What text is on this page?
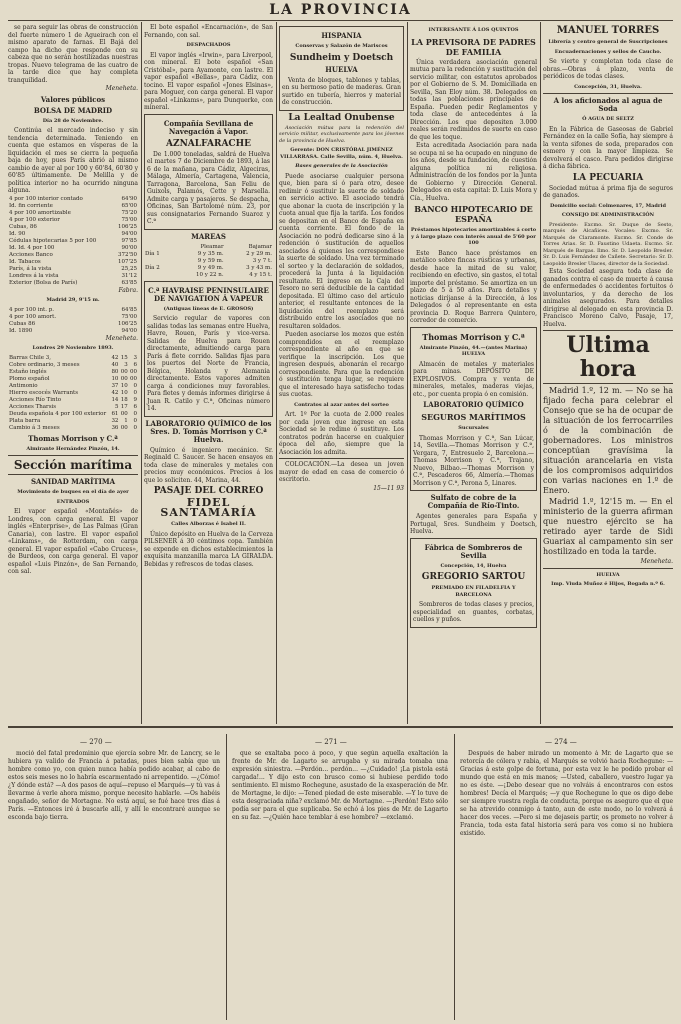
LA PROVINCIA

se para seguir las obras de construcción del fuerte número 1 de Agueirach con el mismo aparato de farnas. El Bajá del campo ha dicho que responde con su cabeza que no serán hostilizadas nuestras tropas. Nuevo telegrama de las cuatro de la tarde dice que hay completa tranquilidad.

Meneheta.
Valores públicos
BOLSA DE MADRID
Día 28 de Noviembre.

Continúa el mercado indeciso y sin tendencia determinada. Teniendo en cuenta que estamos en vísperas de la liquidación el mes se cierra la pequeña baja de hoy, pues París abrió al mismo cambio de ayer al por 100 y 60'84, 60'80 y 60'85 últimamente. De Melilla y de política interior no ha ocurrido ninguna alguna.

4 por 100 interior contado	64'90
Id. fin corriente	65'00
4 por 100 amortizable	75'20
4 por 100 exterior	75'00
Cubas, 86	106'25
Id. 90	94'00
Cédulas hipotecarias 5 por 100	97'85
Id. Id. 4 por 100	90'00
Acciones Banco	372'50
Id. Tabacos	107'25
París, á la vista	25,25
Londres á la vista	31'12
Exterior (Bolsa de París)	63'85
Fabra.
Madrid 29, 9'15 m.
4 por 100 int. p.	64'85
4 por 100 amort.	75'00
Cubas 86	106'25
Id. 1890	94'00
Meneheta.
Londres 29 Noviembre 1893.
Barras Chile 3,	42	15	3
Cobre ordinario, 3 meses	40	3	6
Estaño inglés	80	00	00
Plomo español	10	00	00
Antimonio	37	10	0
Hierro escocés Warrants	42	10	0
Acciones Río Tinto	14	18	9
Acciones Tharsis	5	17	6
Deuda española 4 por 100 exterior	61	00	0
Plata barra	32	1	0
Cambio á 3 meses	36	00	0
Thomas Morrison y C.ª
Almirante Hernández Pinzón, 14.
Sección marítima
SANIDAD MARÍTIMA
Movimiento de buques en el día de ayer
ENTRADOS

El vapor español «Montañés» de Londres, con carga general. El vapor inglés «Enterprise», de Las Palmas (Gran Canaria), con lastre. El vapor español «Linkams», de Rotterdam, con carga general. El vapor español «Cabo Cruces», de Burdeos, con carga general. El vapor español «Luis Pinzón», de San Fernando, con sal.

El bote español «Encarnación», de San Fernando, con sal.

DESPACHADOS

El vapor inglés «Irwin», para Liverpool, con mineral. El bote español «San Cristóbal», para Ayamonte, con lastre. El vapor español «Bellas», para Cádiz, con tocino. El vapor español «Jones Elsinas», para Moguer, con carga general. El vapor español «Linkams», para Dunquerke, con mineral.

Compañía Sevillana de Navegación á Vapor.
AZNALFARACHE

De 1.000 toneladas, saldrá de Huelva el martes 7 de Diciembre de 1893, á las 6 de la mañana, para Cádiz, Algeciras, Málaga, Almería, Cartagena, Valencia, Tarragona, Barcelona, San Feliu de Guixols, Palamós, Cette y Marsella. Admite carga y pasajeros. Se despacha, Oficinas, San Bartolomé núm. 23, por sus consignatarios Fernando Suaroz y C.ª

MAREAS
	Pleamar	Bajamar
Día 1	9 y 35 m.	2 y 29 m.
	9 y 59 m.	3 y 7 t.
Día 2	9 y 49 m.	3 y 43 m.
	10 y 22 n.	4 y 15 t.
C.ª HAVRAISE PENINSULAIRE DE NAVIGATION Á VAPEUR
(Antiguas líneas de E. GROSOS)

Servicio regular de vapores con salidas todas las semanas entre Huelva, Havre, Rouen, París y vice-versa. Salidas de Huelva para Rouen directamente, admitiendo carga para París á flete corrido. Salidas fijas para los puertos del Norte de Francia, Bélgica, Holanda y Alemania directamente. Estos vapores admiten carga á condiciones muy favorables. Para fletes y demás informes dirigirse á Juan R. Catilo y C.ª, Oficinas número 14.

LABORATORIO QUÍMICO de los Sres. D. Tomás Morrison y C.ª Huelva.

Químico é ingeniero mecánico. Sr. Reginald C. Saucer. Se hacen ensayos en toda clase de minerales y metales con precios muy económicos. Precios á los que lo soliciten. 44, Marina, 44.

PASAJE DEL CORREO
FIDEL SANTAMARÍA
Calles Alborzas é Isabel II.

Único depósito en Huelva de la Cerveza PILSENER á 30 céntimos copa. También se expende en dichos establecimientos la exquisita manzanilla marca LA GIRALDA. Bebidas y refrescos de todas clases.

HISPANIA
Conservas y Salazón de Mariscos
Sundheim y Doetsch
HUELVA

Venta de bloques, tablones y tablas, en su hermoso patio de maderas. Gran surtido en tubería, hierros y material de construcción.

La Lealtad Onubense

Asociación mútua para la redención del servicio militar, exclusivamente para los jóvenes de la provincia de Huelva.

Gerente: DON CRISTÓBAL JIMÉNEZ VILLARRASA. Calle Sevilla, núm. 4, Huelva.
Bases generales de la Asociación

Puede asociarse cualquier persona que, bien para sí ó para otro, desee redimir ó sustituir la suerte de soldado en servicio activo. El asociado tendrá que abonar la cuota de inscripción y la cuota anual que fija la tarifa. Los fondos se depositan en el Banco de España en cuenta corriente. El fondo de la Asociación no podrá dedicarse sino á la redención ó sustitución de aquellos asociados á quienes les correspondiese la suerte de soldado. Una vez terminado el sorteo y la declaración de soldados, procederá la Junta á la liquidación resultante. El ingreso en la Caja del Tesoro no será deducible de la cantidad depositada. El último caso del artículo anterior, el resultante entonces de la liquidación del reemplazo será distribuido entre los asociados que no resultaren soldados.

Pueden asociarse los mozos que estén comprendidos en el reemplazo correspondiente al año en que se verifique la inscripción. Los que ingresen después, abonarán el recargo correspondiente. Para que la redención ó sustitución tenga lugar, se requiere que el interesado haya satisfecho todas sus cuotas.

Contratos al azar antes del sorteo

Art. 1º Por la cuota de 2.000 reales por cada joven que ingrese en esta Sociedad se le redime ó sustituye. Los contratos podrán hacerse en cualquier época del año, siempre que la Asociación los admita.

COLOCACIÓN.—La desea un joven mayor de edad en casa de comercio ó escritorio.

15—11 93
INTERESANTE Á LOS QUINTOS
LA PREVISORA DE PADRES DE FAMILIA

Única verdadera asociación general mutua para la redención y sustitución del servicio militar, con estatutos aprobados por el Gobierno de S. M. Domiciliada en Sevilla, San Eloy núm. 38. Delegados en todas las poblaciones principales de España. Pueden pedir Reglamentos y toda clase de antecedentes á la Dirección. Los que depositen 3.000 reales serán redimidos de suerte en caso de que les toque.

Esta acreditada Asociación para nada se ocupa ni se ha ocupado en ninguno de los años, desde su fundación, de cuestión alguna política ni religiosa. Administración de los fondos por la Junta de Gobierno y Dirección General. Delegados en esta capital: D. Luis Mora y Cía., Huelva.

BANCO HIPOTECARIO DE ESPAÑA
Préstamos hipotecarios amortizables á corto y á largo plazo con interés anual de 5'60 por 100

Este Banco hace préstamos en metálico sobre fincas rústicas y urbanas, desde hace la mitad de su valor, recibiendo en efectivo, sin gastos, el total importe del préstamo. Se amortiza en un plazo de 5 á 50 años. Para detalles y noticias diríjanse á la Dirección, á los Delegados ó al representante en esta provincia D. Roque Barrera Quintero, corredor de comercio.

Thomas Morrison y C.ª
Almirante Pinzón, 44.—(antes Marina) HUELVA

Almacén de metales y materiales para minas. DEPÓSITO DE EXPLOSIVOS. Compra y venta de minerales, metales, maderas viejas, etc., por cuenta propia ó en comisión.

LABORATORIO QUÍMICO
SEGUROS MARÍTIMOS
Sucursales

Thomas Morrison y C.ª, San Lúcar, 14, Sevilla.—Thomas Morrison y C.ª, Vergara, 7, Entresuelo 2, Barcelona.—Thomas Morrison y C.ª, Trajano, Nuevo, Bilbao.—Thomas Morrison y C.ª, Pescaderos 66, Almería.—Thomas Morrison y C.ª, Perona 5, Linares.

Sulfato de cobre de la Compañía de Río-Tinto.

Agentes generales para España y Portugal, Sres. Sundheim y Doetsch, Huelva.

Fábrica de Sombreros de Sevilla
Concepción, 14, Huelva
GREGORIO SARTOU
PREMIADO EN FILADELFIA Y BARCELONA

Sombreros de todas clases y precios, especialidad en guantes, corbatas, cuellos y puños.

MANUEL TORRES
Librería y centro general de Suscripciones
Encuadernaciones y sellos de Caucho.

Se vierte y completan toda clase de obras.—Obras á plazo, venta de periódicos de todas clases.

Concepción, 31, Huelva.
A los aficionados al agua de Soda
Ó AGUA DE SELTZ

En la Fábrica de Gaseosas de Gabriel Fernández en la calle Sofía, hay siempre á la venta sifones de soda, preparados con esmero y con la mayor limpieza. Se devolverá el casco. Para pedidos dirigirse á dicha fábrica.

LA PECUARIA

Sociedad mútua á prima fija de seguros de ganados.

Domicilio social: Colmenares, 17, Madrid
CONSEJO DE ADMINISTRACIÓN

Presidente: Excmo. Sr. Duque de Sesto, marqués de Alcañices. Vocales: Excmo. Sr. Marqués de Claramonte. Excmo. Sr. Conde de Torres Arias. Sr. D. Faustino Udaeta. Excmo. Sr. Marqués de Bargas. Ilmo. Sr. D. Leopoldo Bresler. Sr. D. Luis Fernández de Cañete. Secretario: Sr. D. Leopoldo Bresler Ulaces, director de la Sociedad.

Esta Sociedad asegura toda clase de ganados contra el caso de muerte á causa de enfermedades ó accidentes fortuitos ó involuntarios, y da derecho de los animales asegurados. Para detalles dirigirse al delegado en esta provincia D. Francisco Moreno Calvo, Pasaje, 17, Huelva.

Ultima hora

Madrid 1.º, 12 m. — No se ha fijado fecha para celebrar el Consejo que se ha de ocupar de la situación de los ferrocarriles ó de la combinación de gobernadores. Los ministros conceptúan gravísima la situación arancelaria en vista de los compromisos adquiridos con varias naciones en 1.º de Enero.

Madrid 1.º, 12'15 m. — En el ministerio de la guerra afirman que nuestro ejército se ha retirado ayer tarde de Sidi Guariax al campamento sin ser hostilizado en toda la tarde.

Meneheta.
HUELVA
Imp. Viuda Muñoz é Hijos, Bogada n.º 6.
— 270 —	— 271 —	— 274 —

moció del fatal predominio que ejercía sobre Mr. de Lancry, se le hubiera ya valido de Francia á patadas, pues bien sabía que un hombre como yo, con quien nunca había podido acabar, al cabo de estos seis meses no lo habría escarmentado ni arrepentido. —¿Cómo! ¿Y dónde está? —A dos pasos de aquí—repuso el Marqués—y tú vas á llevarme á verle ahora mismo, porque necesito hablarle. —Os habéis engañado, señor de Mortagne. No está aquí, se fué hace tres días á París. —Entonces iré á buscarle allí, y allí le encontraré aunque se esconda bajo tierra.

que se exaltaba poco á poco, y que según aquella exaltación la frente de Mr. de Lagarto se arrugaba y su mirada tomaba una expresión siniestra. —Perdón... perdón... —¿Cuidado! ¡La pistola está cargada!... Y dijo esto con brusco como si hubiese perdido todo sentimiento. El mismo Rochegune, asustado de la exasperación de Mr. de Mortagne, le dijo: —Tened piedad de este miserable. —Y lo tuve de esta desgraciada niña? exclamó Mr. de Mortagne. —¡Perdón! Esto sólo podía ser para el que suplicaba. Se echó á los pies de Mr. de Lagarto en su faz. —¿Quién hace temblar á ese hombre? —exclamó.

Después de haber mirado un momento á Mr. de Lagarto que se retorcía de cólera y rabia, el Marqués se volvió hacia Rochegune: —Gracias á este golpe de fortuna, por esta vez le he podido probar el mundo que está en mis manos; —Usted, caballero, vuestro lugar ya no es éste. —¡Debo desear que no volváis á encontraros con estos hombres! Decía el Marqués; —y que Rochegune lo que os digo debe ser siempre vuestra regla de conducta, porque os aseguro que el que se ha atrevido conmigo á tanto, aun de este modo, no lo volverá á hacer dos veces. —Pero si me dejaseis partir, os prometo no volver á Francia, toda esta fatal historia será para vos como si no hubiera existido.
